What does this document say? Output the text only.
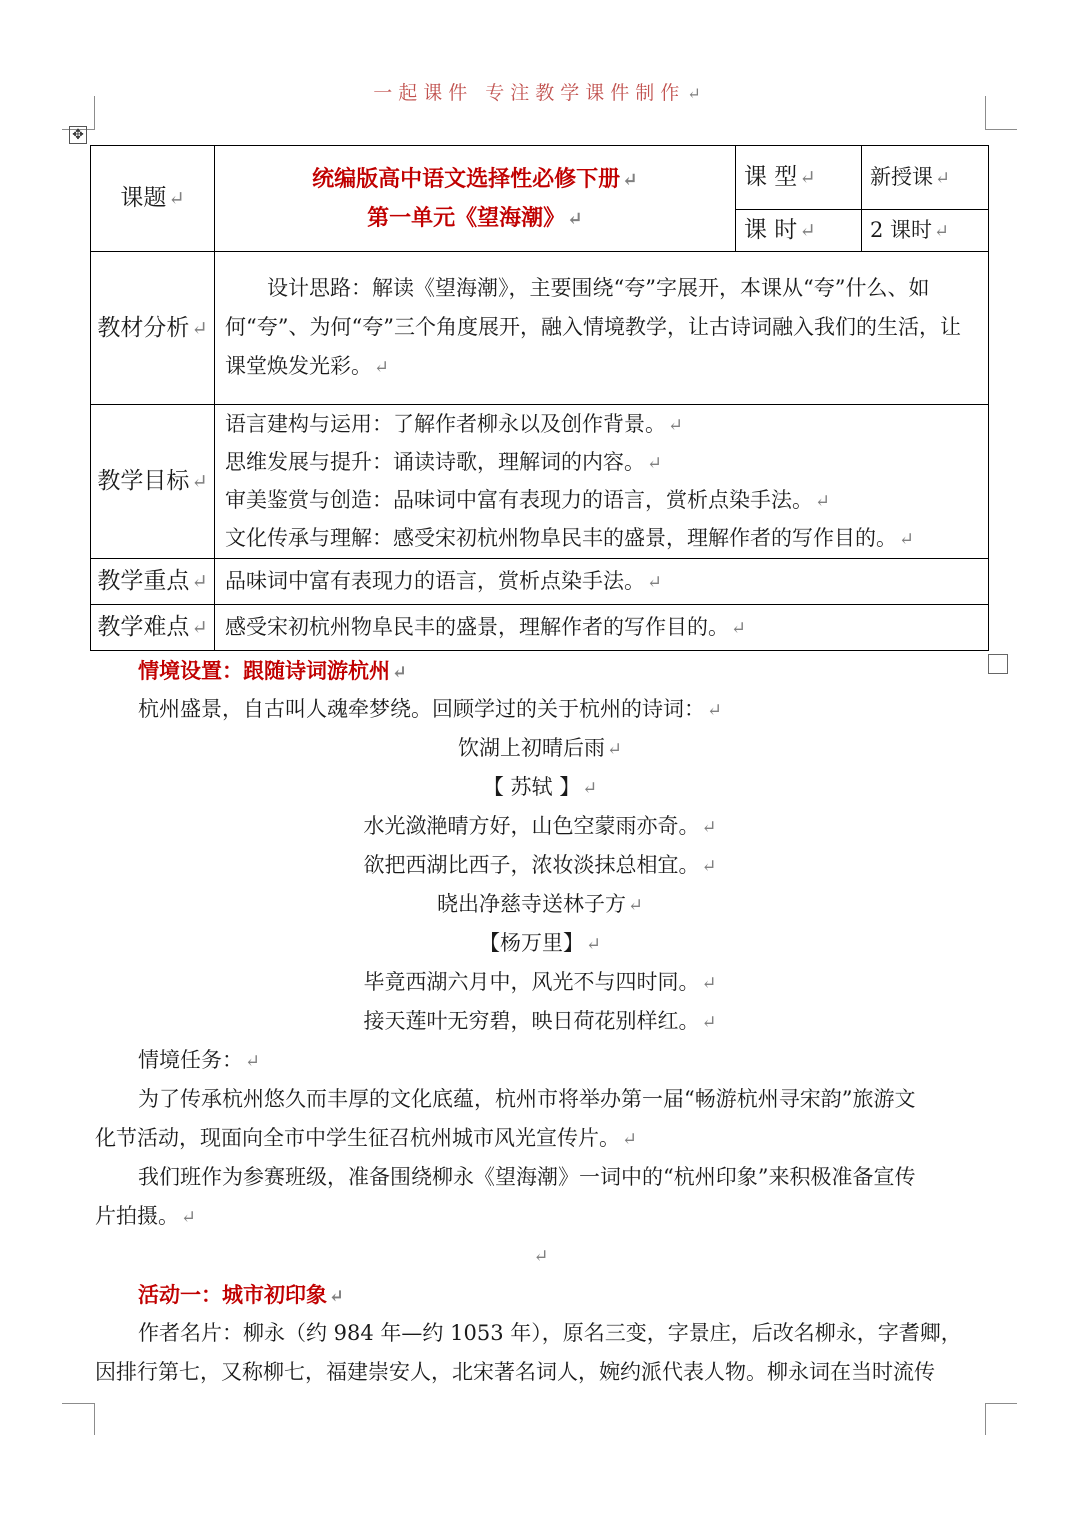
一起课件 专注教学课件制作 ↵
✥
课题 ↵	统编版高中语文选择性必修下册 ↵
第一单元《望海潮》 ↵	课 型 ↵	新授课 ↵
		课 时 ↵	2 课时 ↵
教材分析 ↵	设计思路：解读《望海潮》，主要围绕“夸”字展开，本课从“夸”什么、如何“夸”、为何“夸”三个角度展开，融入情境教学，让古诗词融入我们的生活，让课堂焕发光彩。 ↵		

教学目标 ↵	语言建构与运用：了解作者柳永以及创作背景。 ↵
思维发展与提升：诵读诗歌，理解词的内容。 ↵
审美鉴赏与创造：品味词中富有表现力的语言，赏析点染手法。 ↵
文化传承与理解：感受宋初杭州物阜民丰的盛景，理解作者的写作目的。 ↵		

教学重点 ↵	品味词中富有表现力的语言，赏析点染手法。 ↵		
教学难点 ↵	感受宋初杭州物阜民丰的盛景，理解作者的写作目的。 ↵		
情境设置：跟随诗词游杭州 ↵
杭州盛景，自古叫人魂牵梦绕。回顾学过的关于杭州的诗词： ↵
饮湖上初晴后雨 ↵
【 苏轼 】 ↵
水光潋滟晴方好，山色空蒙雨亦奇。 ↵
欲把西湖比西子，浓妆淡抹总相宜。 ↵
晓出净慈寺送林子方 ↵
【杨万里】 ↵
毕竟西湖六月中，风光不与四时同。 ↵
接天莲叶无穷碧，映日荷花别样红。 ↵
情境任务： ↵
为了传承杭州悠久而丰厚的文化底蕴，杭州市将举办第一届“畅游杭州寻宋韵”旅游文
化节活动，现面向全市中学生征召杭州城市风光宣传片。 ↵
我们班作为参赛班级，准备围绕柳永《望海潮》一词中的“杭州印象”来积极准备宣传
片拍摄。 ↵
↵
活动一：城市初印象 ↵
作者名片：柳永（约 984 年—约 1053 年），原名三变，字景庄，后改名柳永，字耆卿，
因排行第七，又称柳七，福建崇安人，北宋著名词人，婉约派代表人物。柳永词在当时流传
